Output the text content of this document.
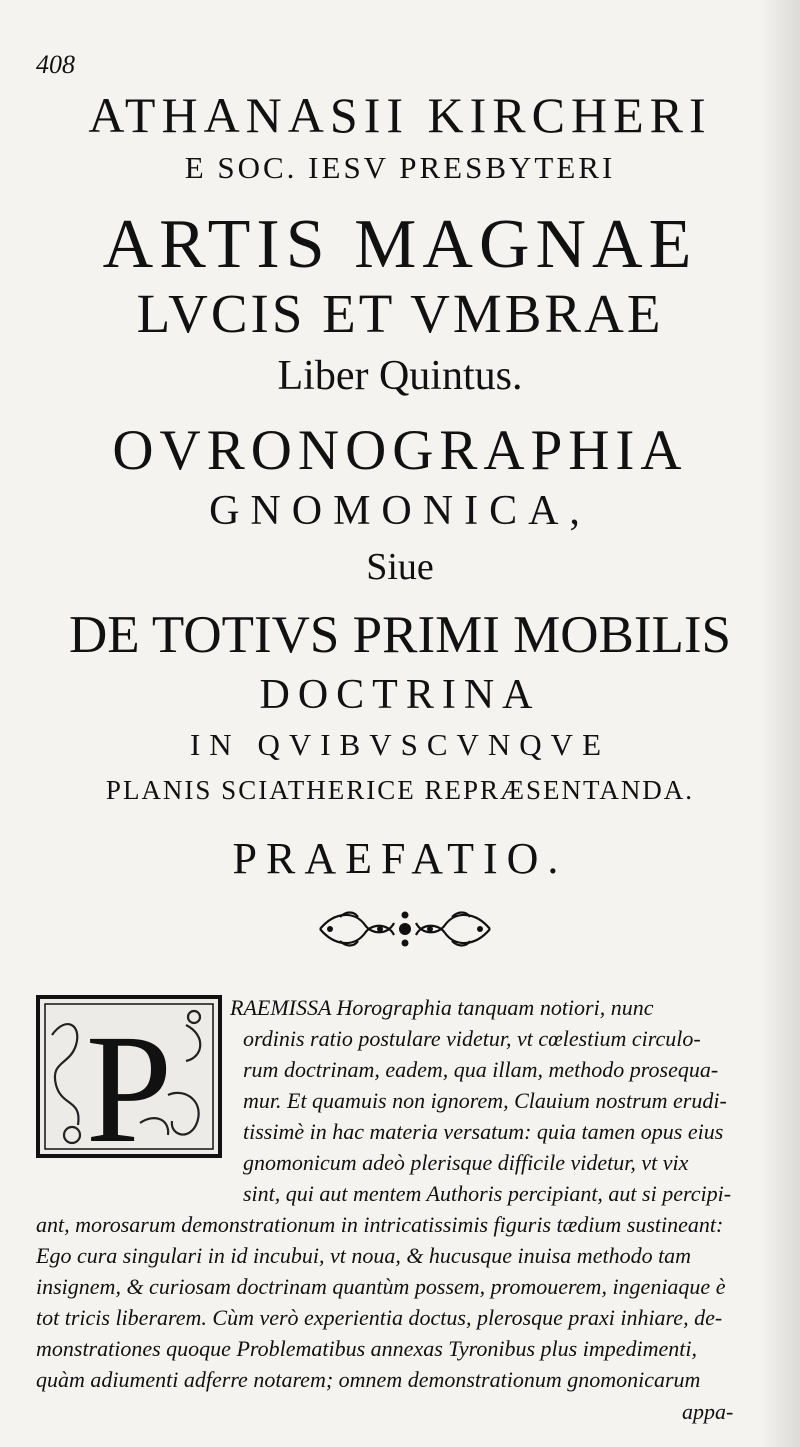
408
ATHANASII KIRCHERI
E SOC. IESV PRESBYTERI
ARTIS MAGNAE
LVCIS ET VMBRAE
Liber Quintus.
OVRONOGRAPHIA
GNOMONICA,
Siue
DE TOTIVS PRIMI MOBILIS
DOCTRINA
IN QVIBVSCVNQVE
PLANIS SCIATHERICE REPRÆSENTANDA.
PRAEFATIO.
P	RAEMISSA Horographia tanquam notiori, nunc
ordinis ratio postulare videtur, vt cœlestium circulo-
rum doctrinam, eadem, qua illam, methodo prosequa-
mur. Et quamuis non ignorem, Clauium nostrum erudi-
tissimè in hac materia versatum: quia tamen opus eius
gnomonicum adeò plerisque difficile videtur, vt vix
sint, qui aut mentem Authoris percipiant, aut si percipi-
ant, morosarum demonstrationum in intricatissimis figuris tædium sustineant:
Ego cura singulari in id incubui, vt noua, & hucusque inuisa methodo tam
insignem, & curiosam doctrinam quantùm possem, promouerem, ingeniaque è
tot tricis liberarem. Cùm verò experientia doctus, plerosque praxi inhiare, de-
monstrationes quoque Problematibus annexas Tyronibus plus impedimenti,
quàm adiumenti adferre notarem; omnem demonstrationum gnomonicarum
appa-
